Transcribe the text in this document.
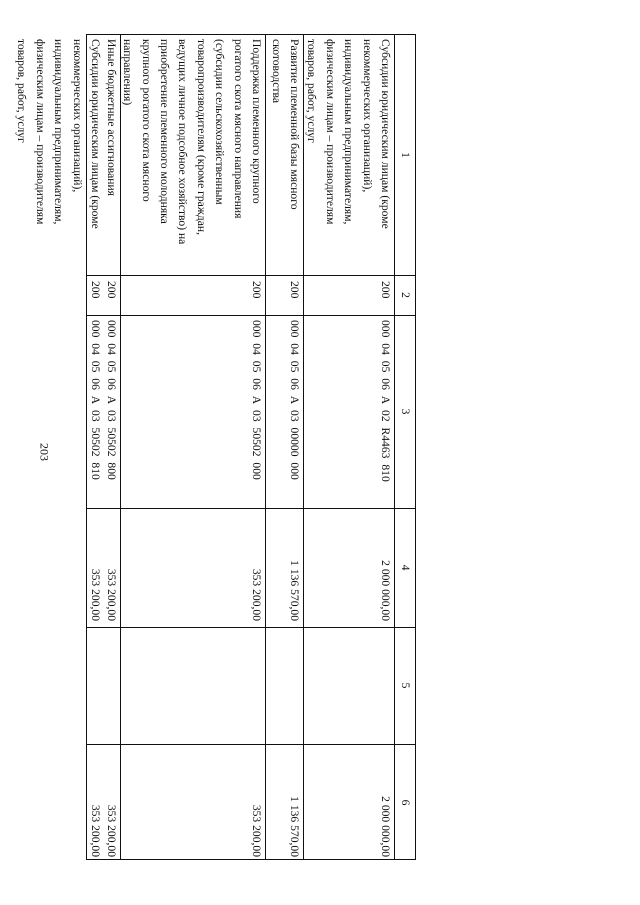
203
1
2
3
4
5
6
Субсидии юридическим лицам (кроме
некоммерческих организаций),
индивидуальным предпринимателям,
физическим лицам – производителям
товаров, работ, услуг
200
000 04 05 06 А 02 R4463 810
2 000 000,00
2 000 000,00
Развитие племенной базы мясного
скотоводства
200
000 04 05 06 А 03 00000 000
1 136 570,00
1 136 570,00
Поддержка племенного крупного
рогатого скота мясного направления
(субсидии сельскохозяйственным
товаропроизводителям (кроме граждан,
ведущих личное подсобное хозяйство) на
приобретение племенного молодняка
крупного рогатого скота мясного
направления)
200
000 04 05 06 А 03 50502 000
353 200,00
353 200,00
Иные бюджетные ассигнования
200
000 04 05 06 А 03 50502 800
353 200,00
353 200,00
Субсидии юридическим лицам (кроме
некоммерческих организаций),
индивидуальным предпринимателям,
физическим лицам – производителям
товаров, работ, услуг
200
000 04 05 06 А 03 50502 810
353 200,00
353 200,00
